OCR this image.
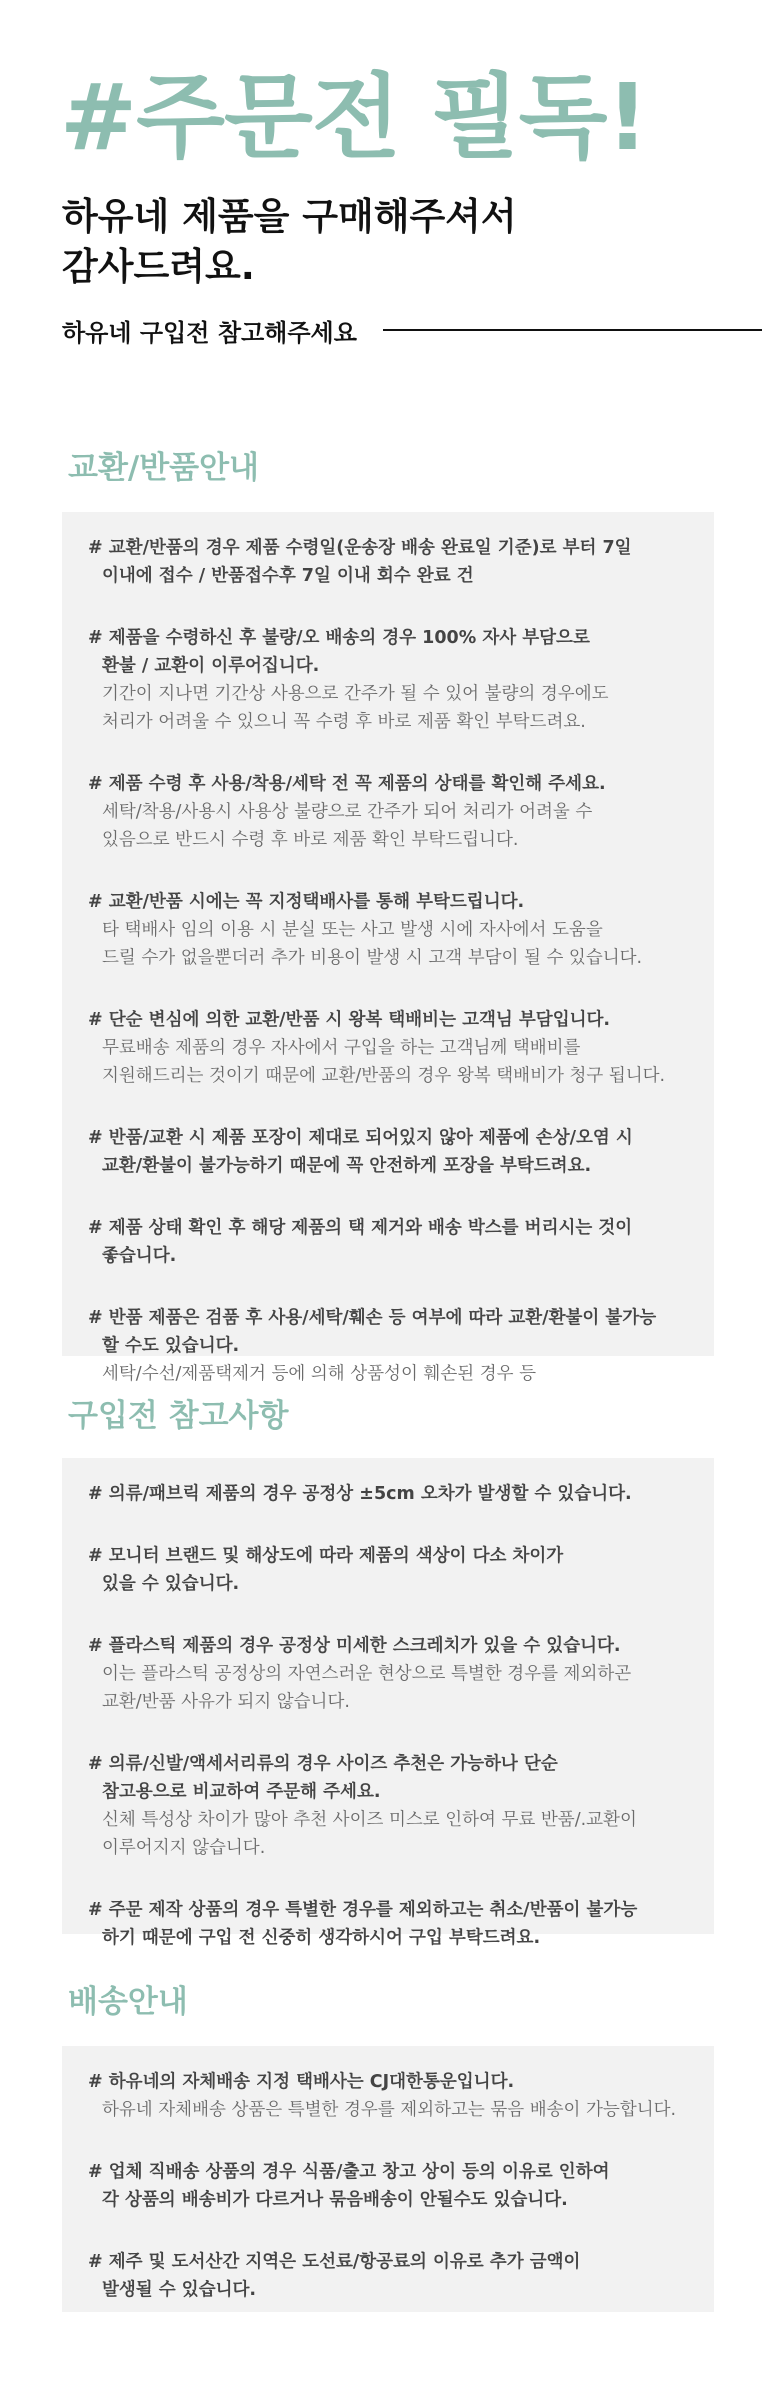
#주문전 필독!
하유네 제품을 구매해주셔서
감사드려요.
하유네 구입전 참고해주세요
교환/반품안내
# 교환/반품의 경우 제품 수령일(운송장 배송 완료일 기준)로 부터 7일
이내에 접수 / 반품접수후 7일 이내 회수 완료 건
# 제품을 수령하신 후 불량/오 배송의 경우 100% 자사 부담으로
환불 / 교환이 이루어집니다.
기간이 지나면 기간상 사용으로 간주가 될 수 있어 불량의 경우에도
처리가 어려울 수 있으니 꼭 수령 후 바로 제품 확인 부탁드려요.
# 제품 수령 후 사용/착용/세탁 전 꼭 제품의 상태를 확인해 주세요.
세탁/착용/사용시 사용상 불량으로 간주가 되어 처리가 어려울 수
있음으로 반드시 수령 후 바로 제품 확인 부탁드립니다.
# 교환/반품 시에는 꼭 지정택배사를 통해 부탁드립니다.
타 택배사 임의 이용 시 분실 또는 사고 발생 시에 자사에서 도움을
드릴 수가 없을뿐더러 추가 비용이 발생 시 고객 부담이 될 수 있습니다.
# 단순 변심에 의한 교환/반품 시 왕복 택배비는 고객님 부담입니다.
무료배송 제품의 경우 자사에서 구입을 하는 고객님께 택배비를
지원해드리는 것이기 때문에 교환/반품의 경우 왕복 택배비가 청구 됩니다.
# 반품/교환 시 제품 포장이 제대로 되어있지 않아 제품에 손상/오염 시
교환/환불이 불가능하기 때문에 꼭 안전하게 포장을 부탁드려요.
# 제품 상태 확인 후 해당 제품의 택 제거와 배송 박스를 버리시는 것이
좋습니다.
# 반품 제품은 검품 후 사용/세탁/훼손 등 여부에 따라 교환/환불이 불가능
할 수도 있습니다.
세탁/수선/제품택제거 등에 의해 상품성이 훼손된 경우 등
구입전 참고사항
# 의류/패브릭 제품의 경우 공정상 ±5cm 오차가 발생할 수 있습니다.
# 모니터 브랜드 및 해상도에 따라 제품의 색상이 다소 차이가
있을 수 있습니다.
# 플라스틱 제품의 경우 공정상 미세한 스크레치가 있을 수 있습니다.
이는 플라스틱 공정상의 자연스러운 현상으로 특별한 경우를 제외하곤
교환/반품 사유가 되지 않습니다.
# 의류/신발/액세서리류의 경우 사이즈 추천은 가능하나 단순
참고용으로 비교하여 주문해 주세요.
신체 특성상 차이가 많아 추천 사이즈 미스로 인하여 무료 반품/.교환이
이루어지지 않습니다.
# 주문 제작 상품의 경우 특별한 경우를 제외하고는 취소/반품이 불가능
하기 때문에 구입 전 신중히 생각하시어 구입 부탁드려요.
배송안내
# 하유네의 자체배송 지정 택배사는 CJ대한통운입니다.
하유네 자체배송 상품은 특별한 경우를 제외하고는 묶음 배송이 가능합니다.
# 업체 직배송 상품의 경우 식품/출고 창고 상이 등의 이유로 인하여
각 상품의 배송비가 다르거나 묶음배송이 안될수도 있습니다.
# 제주 및 도서산간 지역은 도선료/항공료의 이유로 추가 금액이
발생될 수 있습니다.
